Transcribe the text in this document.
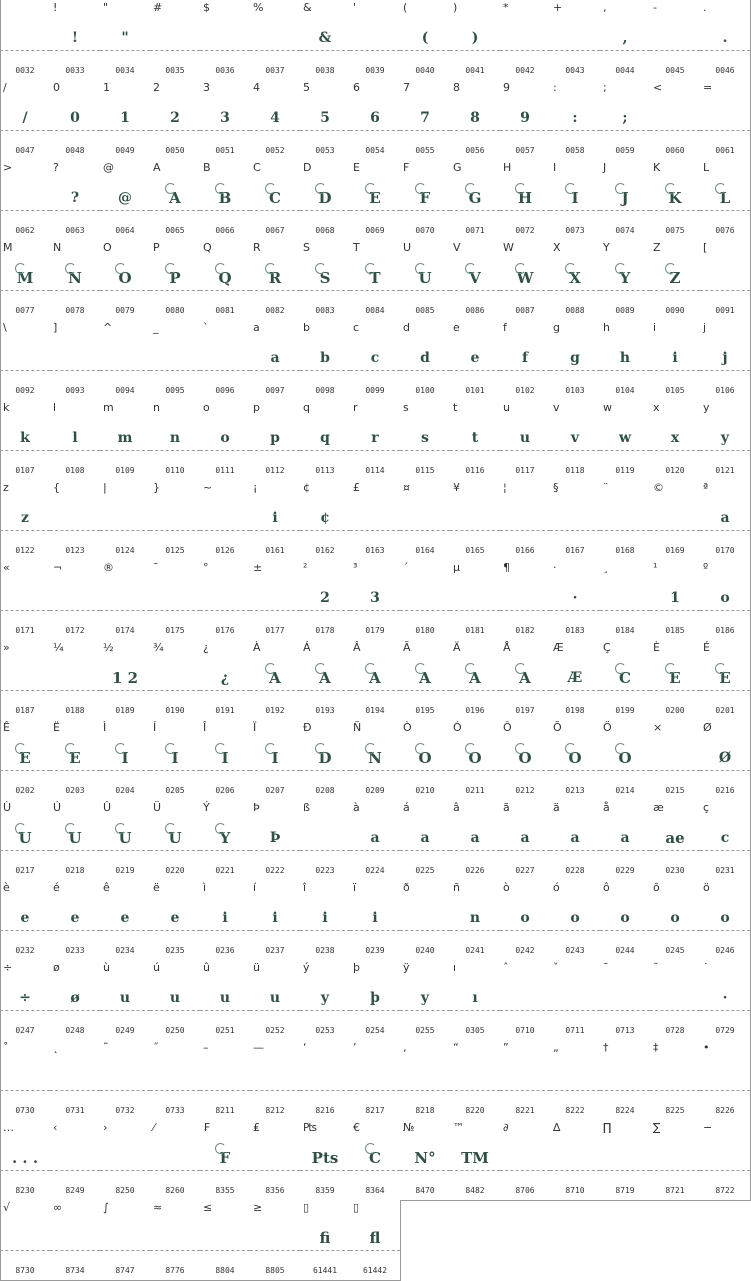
0032
!
!
0033
"
"
0034
#
0035
$
0036
%
0037
&
&
0038
'
0039
(
(
0040
)
)
0041
*
0042
+
0043
,
,
0044
-
0045
.
.
0046
/
/
0047
0
0
0048
1
1
0049
2
2
0050
3
3
0051
4
4
0052
5
5
0053
6
6
0054
7
7
0055
8
8
0056
9
9
0057
:
:
0058
;
;
0059
<
0060
=
0061
>
0062
?
?
0063
@
@
0064
A
A
0065
B
B
0066
C
C
0067
D
D
0068
E
E
0069
F
F
0070
G
G
0071
H
H
0072
I
I
0073
J
J
0074
K
K
0075
L
L
0076
M
M
0077
N
N
0078
O
O
0079
P
P
0080
Q
Q
0081
R
R
0082
S
S
0083
T
T
0084
U
U
0085
V
V
0086
W
W
0087
X
X
0088
Y
Y
0089
Z
Z
0090
[
0091
\
0092
]
0093
^
0094
_
0095
`
0096
a
a
0097
b
b
0098
c
c
0099
d
d
0100
e
e
0101
f
f
0102
g
g
0103
h
h
0104
i
i
0105
j
j
0106
k
k
0107
l
l
0108
m
m
0109
n
n
0110
o
o
0111
p
p
0112
q
q
0113
r
r
0114
s
s
0115
t
t
0116
u
u
0117
v
v
0118
w
w
0119
x
x
0120
y
y
0121
z
z
0122
{
0123
|
0124
}
0125
~
0126
¡
i
0161
¢
¢
0162
£
0163
¤
0164
¥
0165
¦
0166
§
0167
¨
0168
©
0169
ª
a
0170
«
0171
¬
0172
®
0174
¯
0175
°
0176
±
0177
²
2
0178
³
3
0179
´
0180
µ
0181
¶
0182
·
·
0183
¸
0184
¹
1
0185
º
o
0186
»
0187
¼
0188
½
1 2
0189
¾
0190
¿
¿
0191
À
A
0192
Á
A
0193
Â
A
0194
Ã
A
0195
Ä
A
0196
Å
A
0197
Æ
Æ
0198
Ç
C
0199
È
E
0200
É
E
0201
Ê
E
0202
Ë
E
0203
Ì
I
0204
Í
I
0205
Î
I
0206
Ï
I
0207
Ð
D
0208
Ñ
N
0209
Ò
O
0210
Ó
O
0211
Ô
O
0212
Õ
O
0213
Ö
O
0214
×
0215
Ø
Ø
0216
Ù
U
0217
Ú
U
0218
Û
U
0219
Ü
U
0220
Ý
Y
0221
Þ
Þ
0222
ß
0223
à
a
0224
á
a
0225
â
a
0226
ã
a
0227
ä
a
0228
å
a
0229
æ
ae
0230
ç
c
0231
è
e
0232
é
e
0233
ê
e
0234
ë
e
0235
ì
i
0236
í
i
0237
î
i
0238
ï
i
0239
ð
0240
ñ
n
0241
ò
o
0242
ó
o
0243
ô
o
0244
õ
o
0245
ö
o
0246
÷
÷
0247
ø
ø
0248
ù
u
0249
ú
u
0250
û
u
0251
ü
u
0252
ý
y
0253
þ
þ
0254
ÿ
y
0255
ı
ı
0305
ˆ
0710
ˇ
0711
ˉ
0713
˘
0728
˙
·
0729
˚
0730
˛
0731
˜
0732
˝
0733
–
8211
—
8212
‘
8216
’
8217
‚
8218
“
8220
”
8221
„
8222
†
8224
‡
8225
•
8226
…
. . .
8230
‹
8249
›
8250
⁄
8260
₣
F
8355
₤
8356
₧
Pts
8359
€
C
8364
№
N°
8470
™
TM
8482
∂
8706
∆
8710
∏
8719
∑
8721
−
8722
√
8730
∞
8734
∫
8747
≈
8776
≤
8804
≥
8805
▯
fi
61441
▯
fl
61442
